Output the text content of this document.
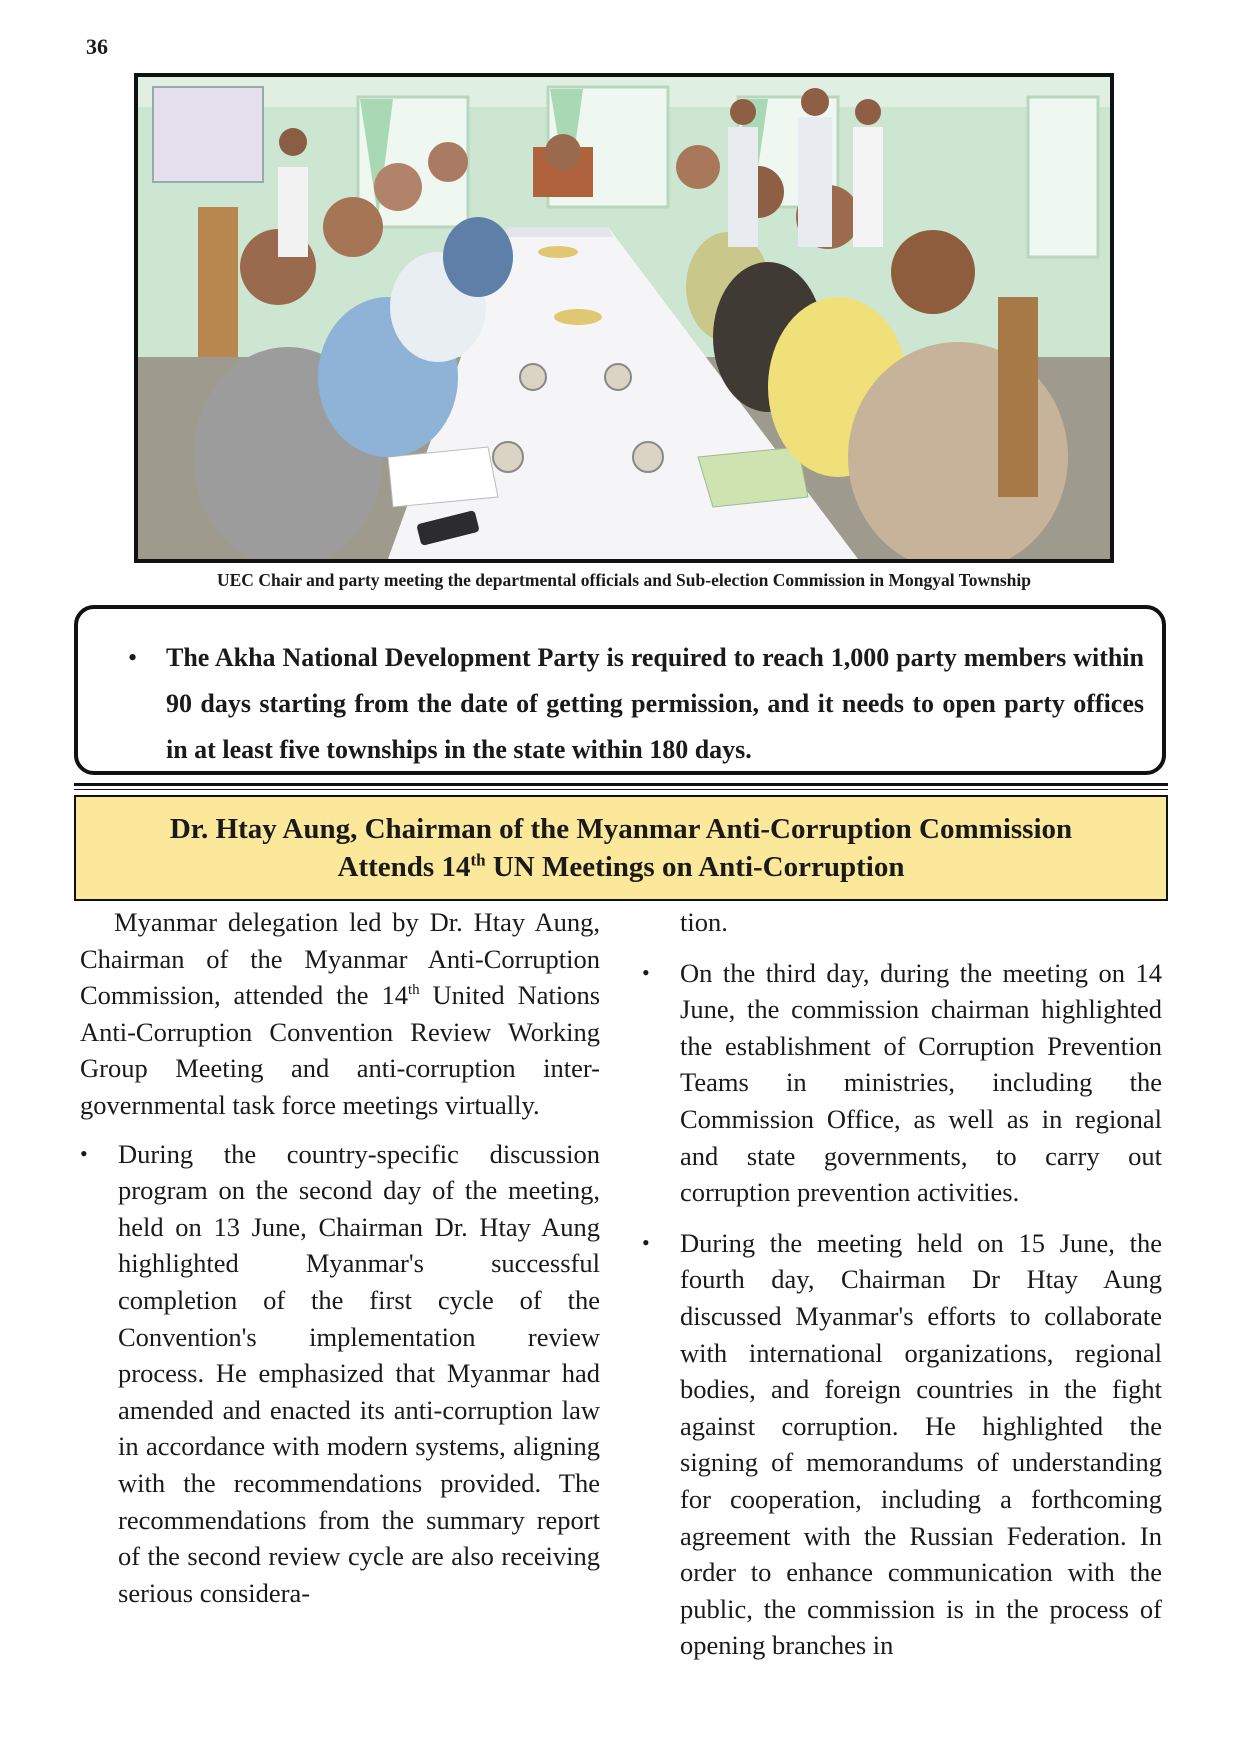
36
UEC Chair and party meeting the departmental officials and Sub-election Commission in Mongyal Township
• The Akha National Development Party is required to reach 1,000 party members within 90 days starting from the date of getting permission, and it needs to open party offices in at least five townships in the state within 180 days.
Dr. Htay Aung, Chairman of the Myanmar Anti-Corruption Commission
Attends 14th UN Meetings on Anti-Corruption

Myanmar delegation led by Dr. Htay Aung, Chairman of the Myanmar Anti-Corruption Commission, attended the 14th United Nations Anti-Corruption Convention Review Working Group Meeting and anti-corruption inter-governmental task force meetings virtually.

• During the country-specific discussion program on the second day of the meeting, held on 13 June, Chairman Dr. Htay Aung highlighted Myanmar's successful completion of the first cycle of the Convention's implementation review process. He emphasized that Myanmar had amended and enacted its anti-corruption law in accordance with modern systems, aligning with the recommendations provided. The recommendations from the summary report of the second review cycle are also receiving serious considera-

tion.

• On the third day, during the meeting on 14 June, the commission chairman highlighted the establishment of Corruption Prevention Teams in ministries, including the Commission Office, as well as in regional and state governments, to carry out corruption prevention activities.

• During the meeting held on 15 June, the fourth day, Chairman Dr Htay Aung discussed Myanmar's efforts to collaborate with international organizations, regional bodies, and foreign countries in the fight against corruption. He highlighted the signing of memorandums of understanding for cooperation, including a forthcoming agreement with the Russian Federation. In order to enhance communication with the public, the commission is in the process of opening branches in
